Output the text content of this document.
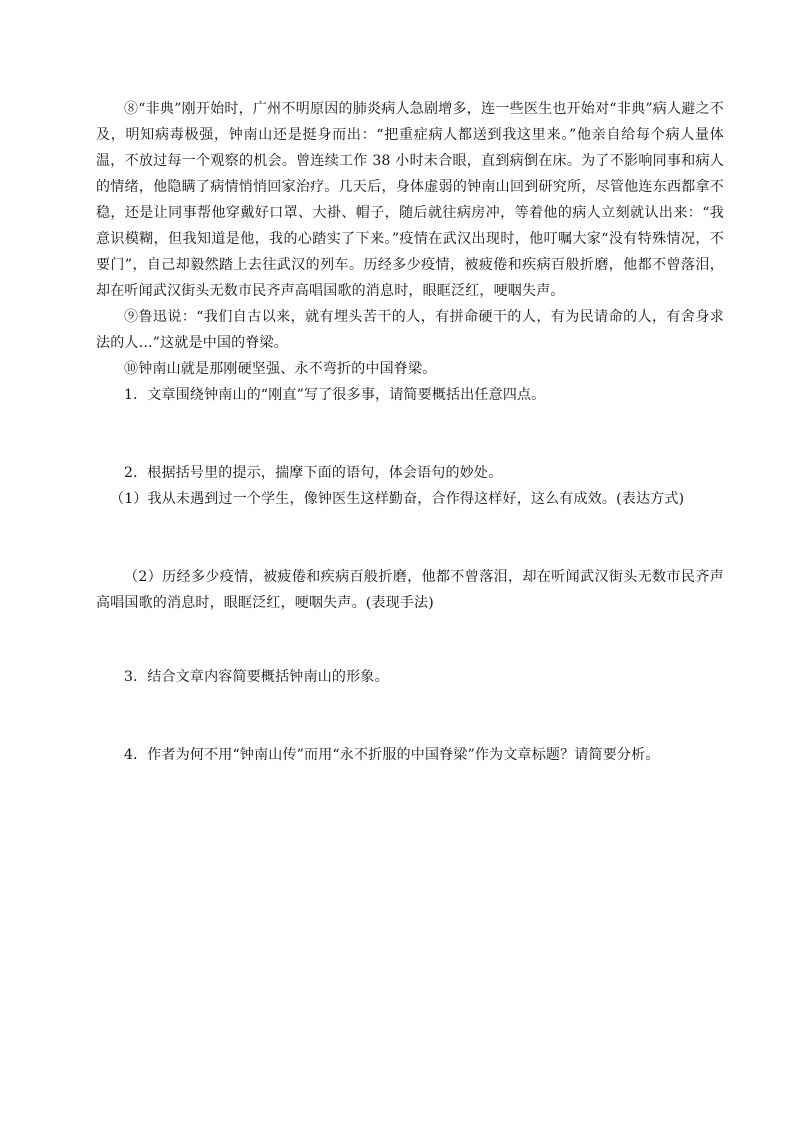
⑧“非典”刚开始时，广州不明原因的肺炎病人急剧增多，连一些医生也开始对“非典”病人避之不及，明知病毒极强，钟南山还是挺身而出：“把重症病人都送到我这里来。”他亲自给每个病人量体温，不放过每一个观察的机会。曾连续工作 38 小时未合眼，直到病倒在床。为了不影响同事和病人的情绪，他隐瞒了病情悄悄回家治疗。几天后，身体虚弱的钟南山回到研究所，尽管他连东西都拿不稳，还是让同事帮他穿戴好口罩、大褂、帽子，随后就往病房冲，等着他的病人立刻就认出来：“我意识模糊，但我知道是他，我的心踏实了下来。”疫情在武汉出现时，他叮嘱大家“没有特殊情况，不要门”，自己却毅然踏上去往武汉的列车。历经多少疫情，被疲倦和疾病百般折磨，他都不曾落泪，却在听闻武汉街头无数市民齐声高唱国歌的消息时，眼眶泛红，哽咽失声。

⑨鲁迅说：“我们自古以来，就有埋头苦干的人，有拼命硬干的人，有为民请命的人，有舍身求法的人…”这就是中国的脊梁。

⑩钟南山就是那刚硬坚强、永不弯折的中国脊梁。

1．文章围绕钟南山的“刚直”写了很多事，请简要概括出任意四点。

2．根据括号里的提示，揣摩下面的语句，体会语句的妙处。

（1）我从未遇到过一个学生，像钟医生这样勤奋，合作得这样好，这么有成效。(表达方式)

（2）历经多少疫情，被疲倦和疾病百般折磨，他都不曾落泪，却在听闻武汉街头无数市民齐声高唱国歌的消息时，眼眶泛红，哽咽失声。(表现手法)

3．结合文章内容简要概括钟南山的形象。

4．作者为何不用“钟南山传”而用“永不折服的中国脊梁”作为文章标题？请简要分析。
